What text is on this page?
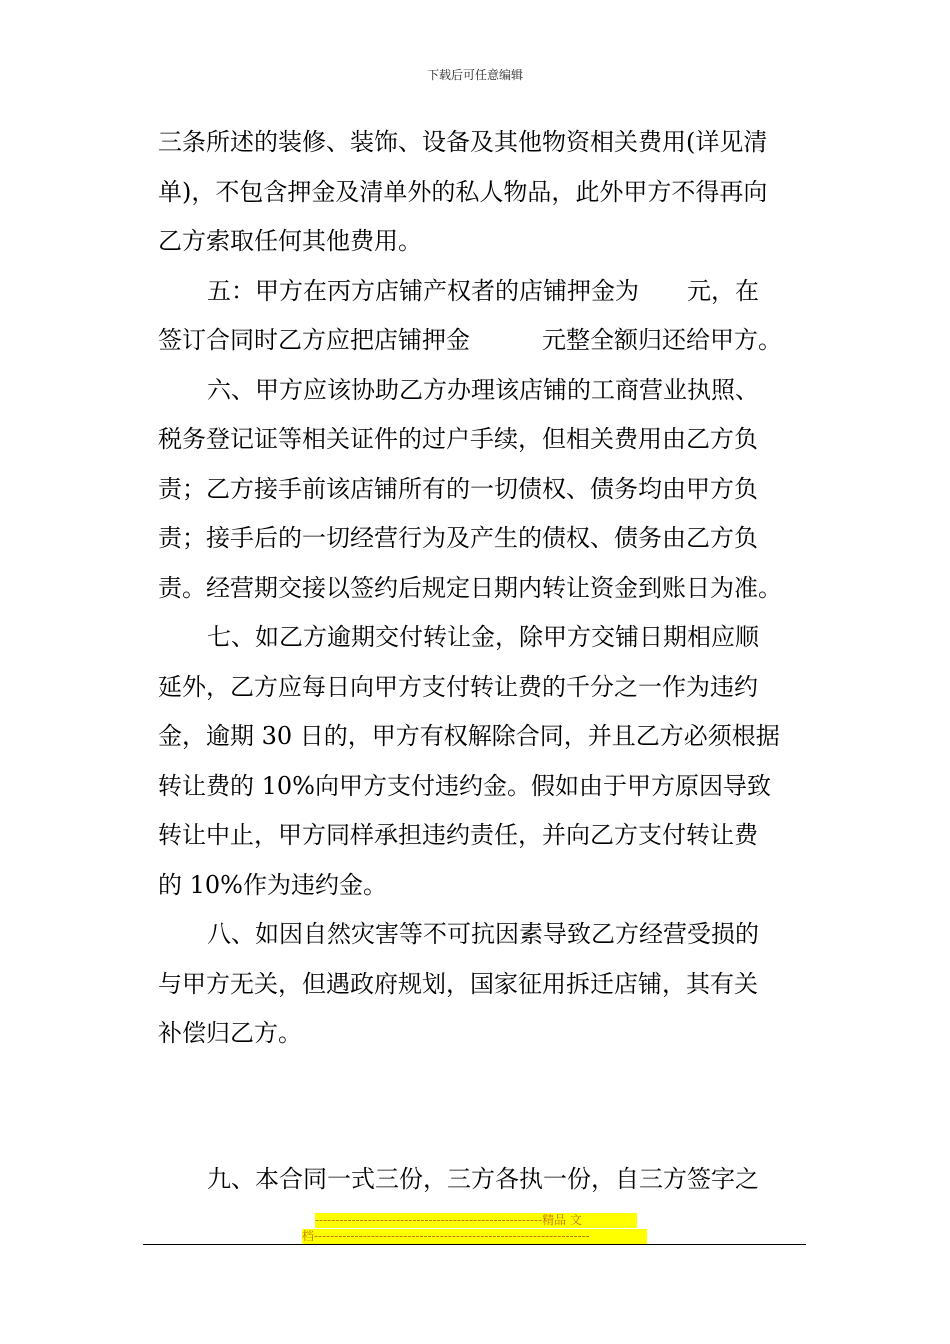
下载后可任意编辑
三条所述的装修、装饰、设备及其他物资相关费用(详见清
单)，不包含押金及清单外的私人物品，此外甲方不得再向
乙方索取任何其他费用。
五：甲方在丙方店铺产权者的店铺押金为　　元，在
签订合同时乙方应把店铺押金　　　元整全额归还给甲方。
六、甲方应该协助乙方办理该店铺的工商营业执照、
税务登记证等相关证件的过户手续，但相关费用由乙方负
责；乙方接手前该店铺所有的一切债权、债务均由甲方负
责；接手后的一切经营行为及产生的债权、债务由乙方负
责。经营期交接以签约后规定日期内转让资金到账日为准。
七、如乙方逾期交付转让金，除甲方交铺日期相应顺
延外，乙方应每日向甲方支付转让费的千分之一作为违约
金，逾期 30 日的，甲方有权解除合同，并且乙方必须根据
转让费的 10%向甲方支付违约金。假如由于甲方原因导致
转让中止，甲方同样承担违约责任，并向乙方支付转让费
的 10%作为违约金。
八、如因自然灾害等不可抗因素导致乙方经营受损的
与甲方无关，但遇政府规划，国家征用拆迁店铺，其有关
补偿归乙方。
九、本合同一式三份，三方各执一份，自三方签字之
--------------------------------------------------------精品 文
档--------------------------------------------------------------------
